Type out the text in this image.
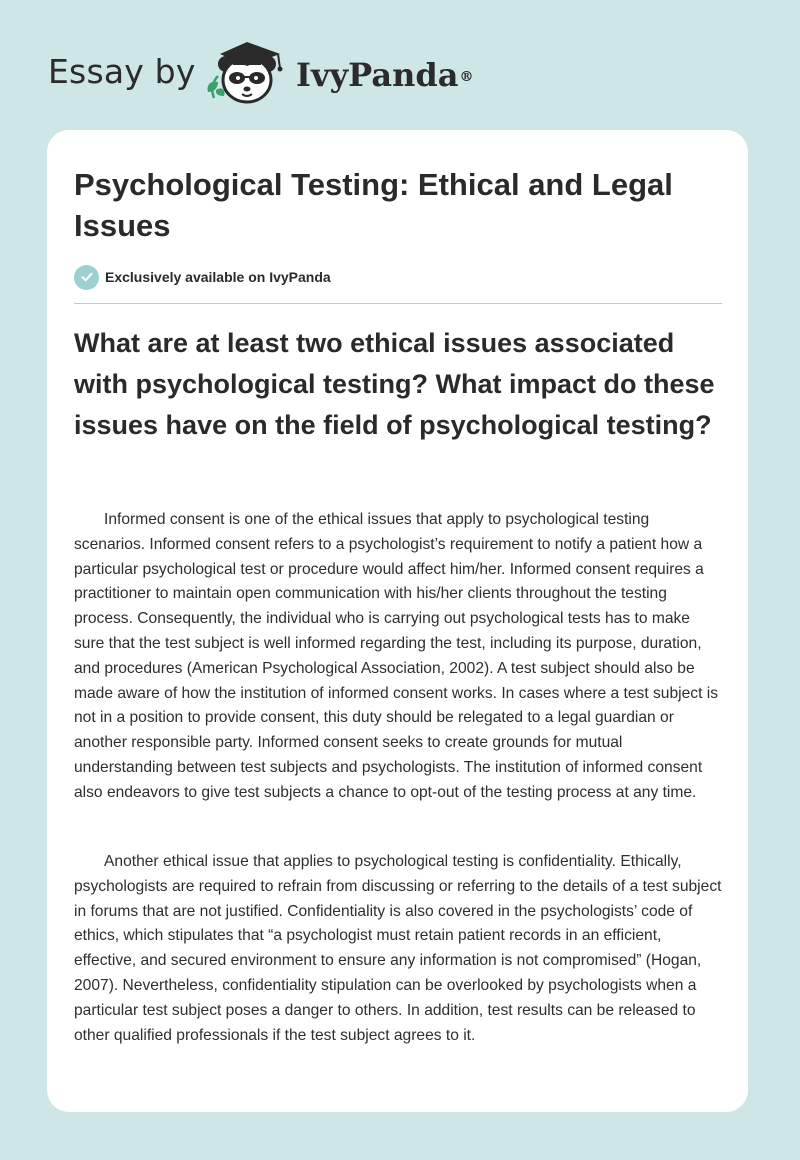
Essay by	IvyPanda®
Psychological Testing: Ethical and Legal Issues
Exclusively available on IvyPanda
What are at least two ethical issues associated with psychological testing? What impact do these issues have on the field of psychological testing?

Informed consent is one of the ethical issues that apply to psychological testing scenarios. Informed consent refers to a psychologist’s requirement to notify a patient how a particular psychological test or procedure would affect him/her. Informed consent requires a practitioner to maintain open communication with his/her clients throughout the testing process. Consequently, the individual who is carrying out psychological tests has to make sure that the test subject is well informed regarding the test, including its purpose, duration, and procedures (American Psychological Association, 2002). A test subject should also be made aware of how the institution of informed consent works. In cases where a test subject is not in a position to provide consent, this duty should be relegated to a legal guardian or another responsible party. Informed consent seeks to create grounds for mutual understanding between test subjects and psychologists. The institution of informed consent also endeavors to give test subjects a chance to opt-out of the testing process at any time.

Another ethical issue that applies to psychological testing is confidentiality. Ethically, psychologists are required to refrain from discussing or referring to the details of a test subject in forums that are not justified. Confidentiality is also covered in the psychologists’ code of ethics, which stipulates that “a psychologist must retain patient records in an efficient, effective, and secured environment to ensure any information is not compromised” (Hogan, 2007). Nevertheless, confidentiality stipulation can be overlooked by psychologists when a particular test subject poses a danger to others. In addition, test results can be released to other qualified professionals if the test subject agrees to it.
